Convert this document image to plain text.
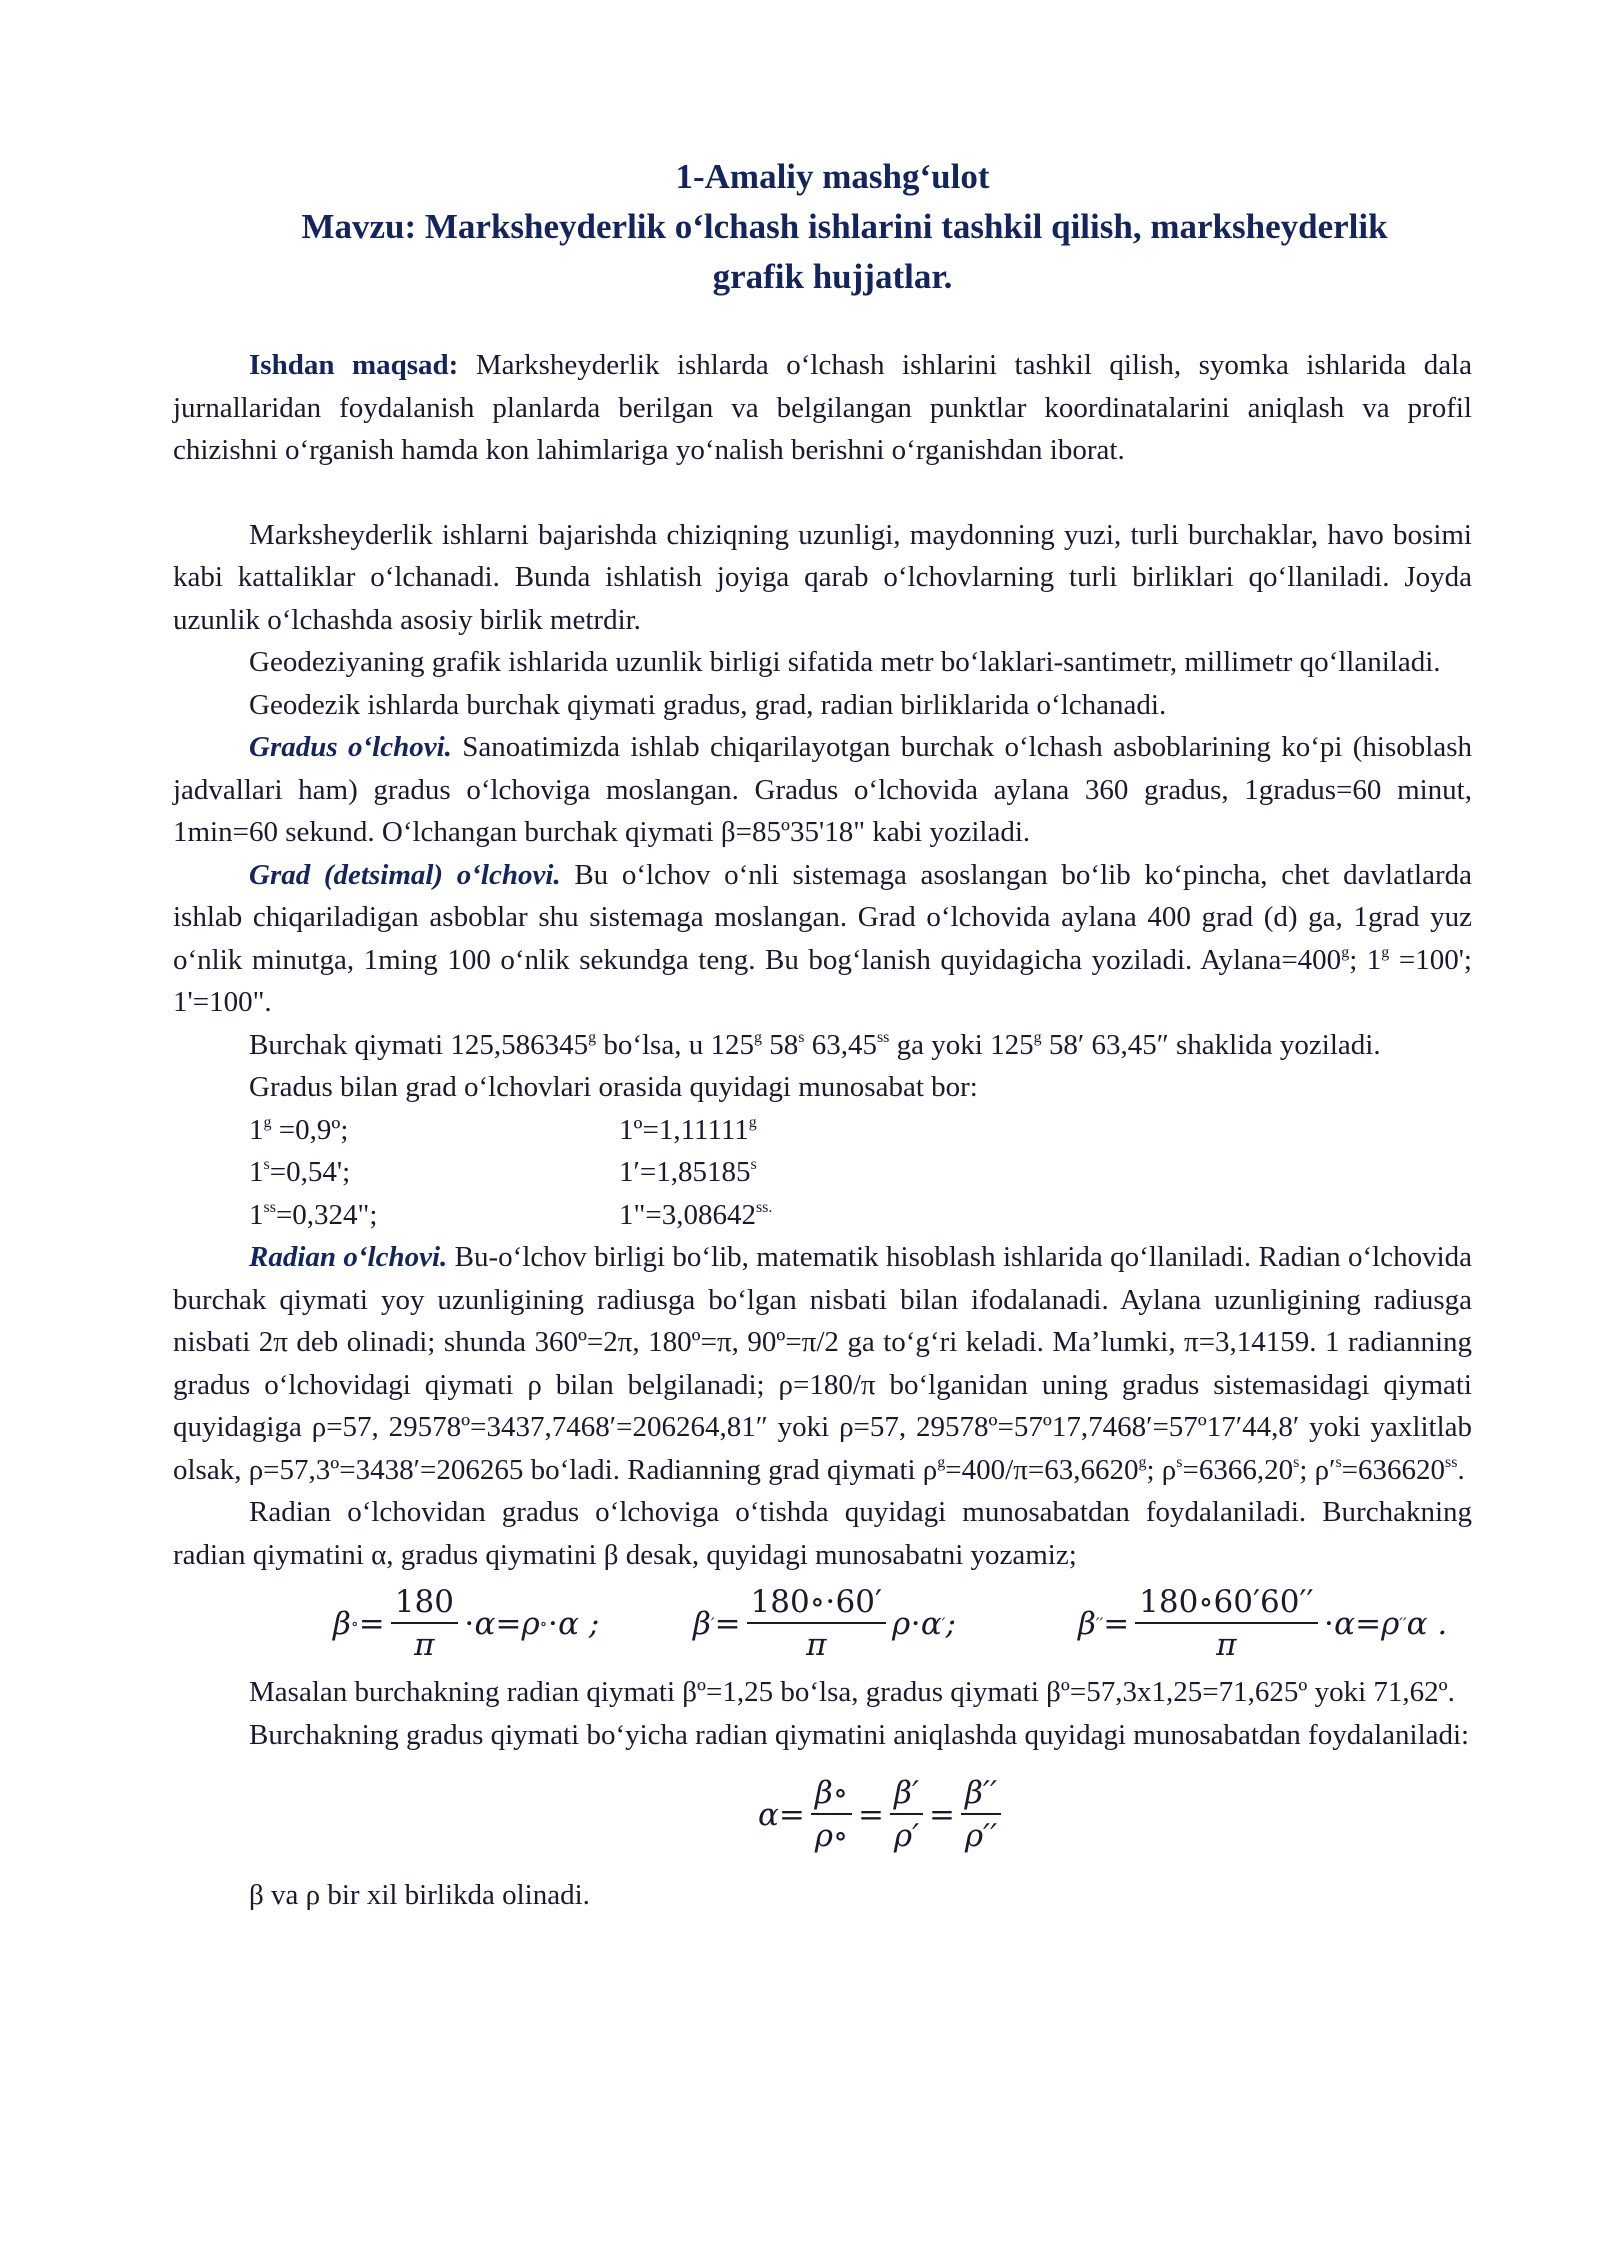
1-Amaliy mashg‘ulot
Mavzu: Marksheyderlik o‘lchash ishlarini tashkil qilish, marksheyderlik
grafik hujjatlar.

Ishdan maqsad: Marksheyderlik ishlarda o‘lchash ishlarini tashkil qilish, syomka ishlarida dala jurnallaridan foydalanish planlarda berilgan va belgilangan punktlar koordinatalarini aniqlash va profil chizishni o‘rganish hamda kon lahimlariga yo‘nalish berishni o‘rganishdan iborat.

Marksheyderlik ishlarni bajarishda chiziqning uzunligi, maydonning yuzi, turli burchaklar, havo bosimi kabi kattaliklar o‘lchanadi. Bunda ishlatish joyiga qarab o‘lchovlarning turli birliklari qo‘llaniladi. Joyda uzunlik o‘lchashda asosiy birlik metrdir.

Geodeziyaning grafik ishlarida uzunlik birligi sifatida metr bo‘laklari-santimetr, millimetr qo‘llaniladi.

Geodezik ishlarda burchak qiymati gradus, grad, radian birliklarida o‘lchanadi.

Gradus o‘lchovi. Sanoatimizda ishlab chiqarilayotgan burchak o‘lchash asboblarining ko‘pi (hisoblash jadvallari ham) gradus o‘lchoviga moslangan. Gradus o‘lchovida aylana 360 gradus, 1gradus=60 minut, 1min=60 sekund. O‘lchangan burchak qiymati β=85º35'18" kabi yoziladi.

Grad (detsimal) o‘lchovi. Bu o‘lchov o‘nli sistemaga asoslangan bo‘lib ko‘pincha, chet davlatlarda ishlab chiqariladigan asboblar shu sistemaga moslangan. Grad o‘lchovida aylana 400 grad (d) ga, 1grad yuz o‘nlik minutga, 1ming 100 o‘nlik sekundga teng. Bu bog‘lanish quyidagicha yoziladi. $Aylana=400^g$; $1^g =100'$; 1'=100".

Burchak qiymati 125,586345$^g$ bo‘lsa, u 125$^g$ 58$^s$ $63,45^{ss}$ ga yoki 125$^g$ 58′ 63,45″ shaklida yoziladi.

Gradus bilan grad o‘lchovlari orasida quyidagi munosabat bor:

$1^g$ =0,9º;	1º=1,11111$^g$
$1^s=0,54'$;	$1'=1,85185^s$
$1^{ss}=0,324$";	$1"=3,08642^{ss.}$

Radian o‘lchovi. Bu-o‘lchov birligi bo‘lib, matematik hisoblash ishlarida qo‘llaniladi. Radian o‘lchovida burchak qiymati yoy uzunligining radiusga bo‘lgan nisbati bilan ifodalanadi. Aylana uzunligining radiusga nisbati 2π deb olinadi; shunda 360º=2π, 180º=π, 90º=π/2 ga to‘g‘ri keladi. Ma’lumki, π=3,14159. 1 radianning gradus o‘lchovidagi qiymati ρ bilan belgilanadi; ρ=180/π bo‘lganidan uning gradus sistemasidagi qiymati quyidagiga ρ=57, 29578º=3437,7468′=206264,81″ yoki ρ=57, 29578º=57º17,7468′=57º17′44,8′ yoki yaxlitlab olsak, ρ=57,3º=3438′=206265 bo‘ladi. Radianning grad qiymati $\rho^g=400/\pi=63,6620^g$; $\rho^s=6366,20^s$; $\rho'^s=636620^{ss}$.

Radian o‘lchovidan gradus o‘lchoviga o‘tishda quyidagi munosabatdan foydalaniladi. Burchakning radian qiymatini α, gradus qiymatini β desak, quyidagi munosabatni yozamiz;

β ∘ = $\frac{180}{\pi} \cdot\alpha=\rho$ ∘ ⋅α ;	β ′ = $\frac{180\circ\cdot 60'}{\pi} \rho\cdot\alpha$ ′ ;	β ′′ = $\frac{180\circ 60'60''}{\pi} \cdot\alpha=\rho$ ′′ α .

Masalan burchakning radian qiymati βº=1,25 bo‘lsa, gradus qiymati βº=57,3x1,25=71,625º yoki 71,62º.

Burchakning gradus qiymati bo‘yicha radian qiymatini aniqlashda quyidagi munosabatdan foydalaniladi:

$\alpha= \frac{\beta\circ}{\rho\circ} = \frac{\beta'}{\rho'} = \frac{\beta''}{\rho''}$

β va ρ bir xil birlikda olinadi.
